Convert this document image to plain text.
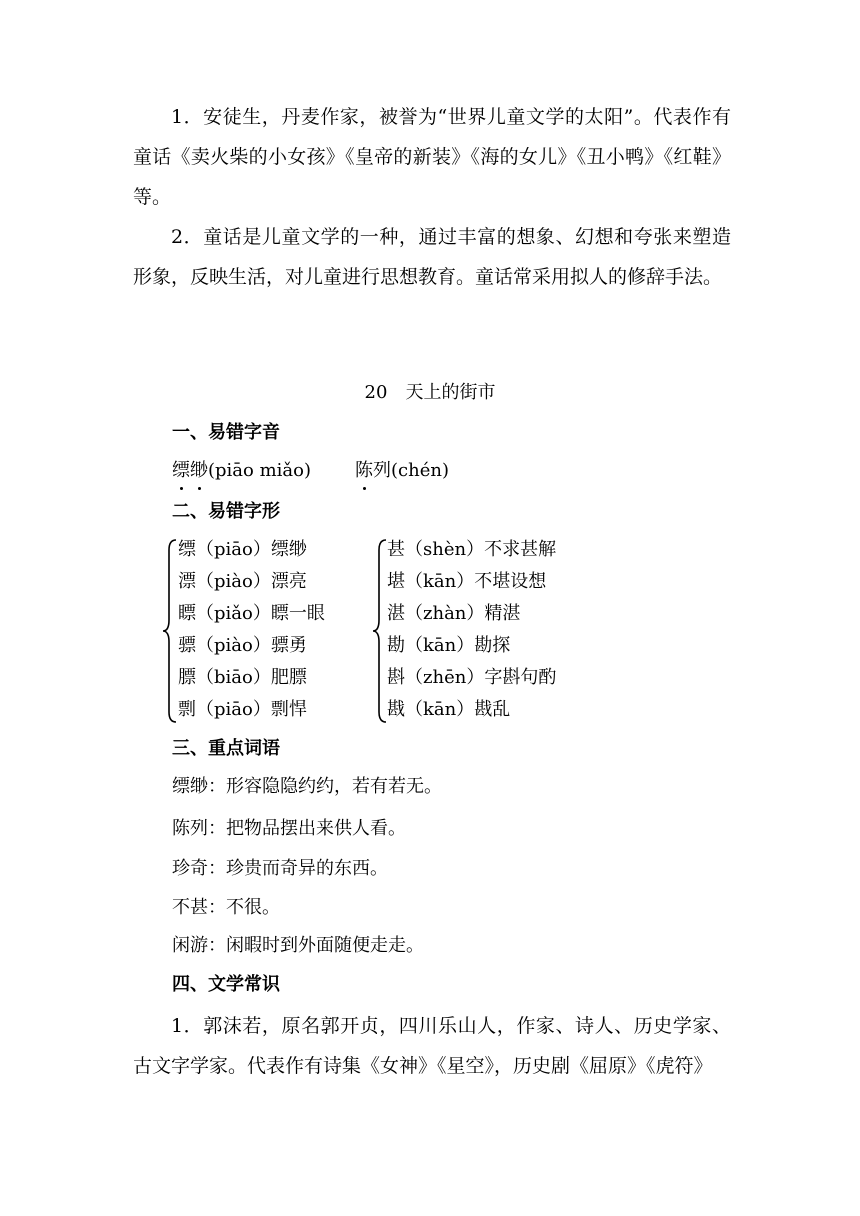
1．安徒生，丹麦作家，被誉为“世界儿童文学的太阳”。代表作有童话《卖火柴的小女孩》《皇帝的新装》《海的女儿》《丑小鸭》《红鞋》等。

2．童话是儿童文学的一种，通过丰富的想象、幻想和夸张来塑造形象，反映生活，对儿童进行思想教育。童话常采用拟人的修辞手法。

20 天上的街市
一、易错字音
缥缈(piāo miǎo) 陈列(chén)
二、易错字形
缥（piāo）缥缈
漂（piào）漂亮
瞟（piǎo）瞟一眼
骠（piào）骠勇
膘（biāo）肥膘
剽（piāo）剽悍
甚（shèn）不求甚解
堪（kān）不堪设想
湛（zhàn）精湛
勘（kān）勘探
斟（zhēn）字斟句酌
戡（kān）戡乱
三、重点词语
缥缈：形容隐隐约约，若有若无。
陈列：把物品摆出来供人看。
珍奇：珍贵而奇异的东西。
不甚：不很。
闲游：闲暇时到外面随便走走。
四、文学常识

1．郭沫若，原名郭开贞，四川乐山人，作家、诗人、历史学家、古文字学家。代表作有诗集《女神》《星空》，历史剧《屈原》《虎符》
